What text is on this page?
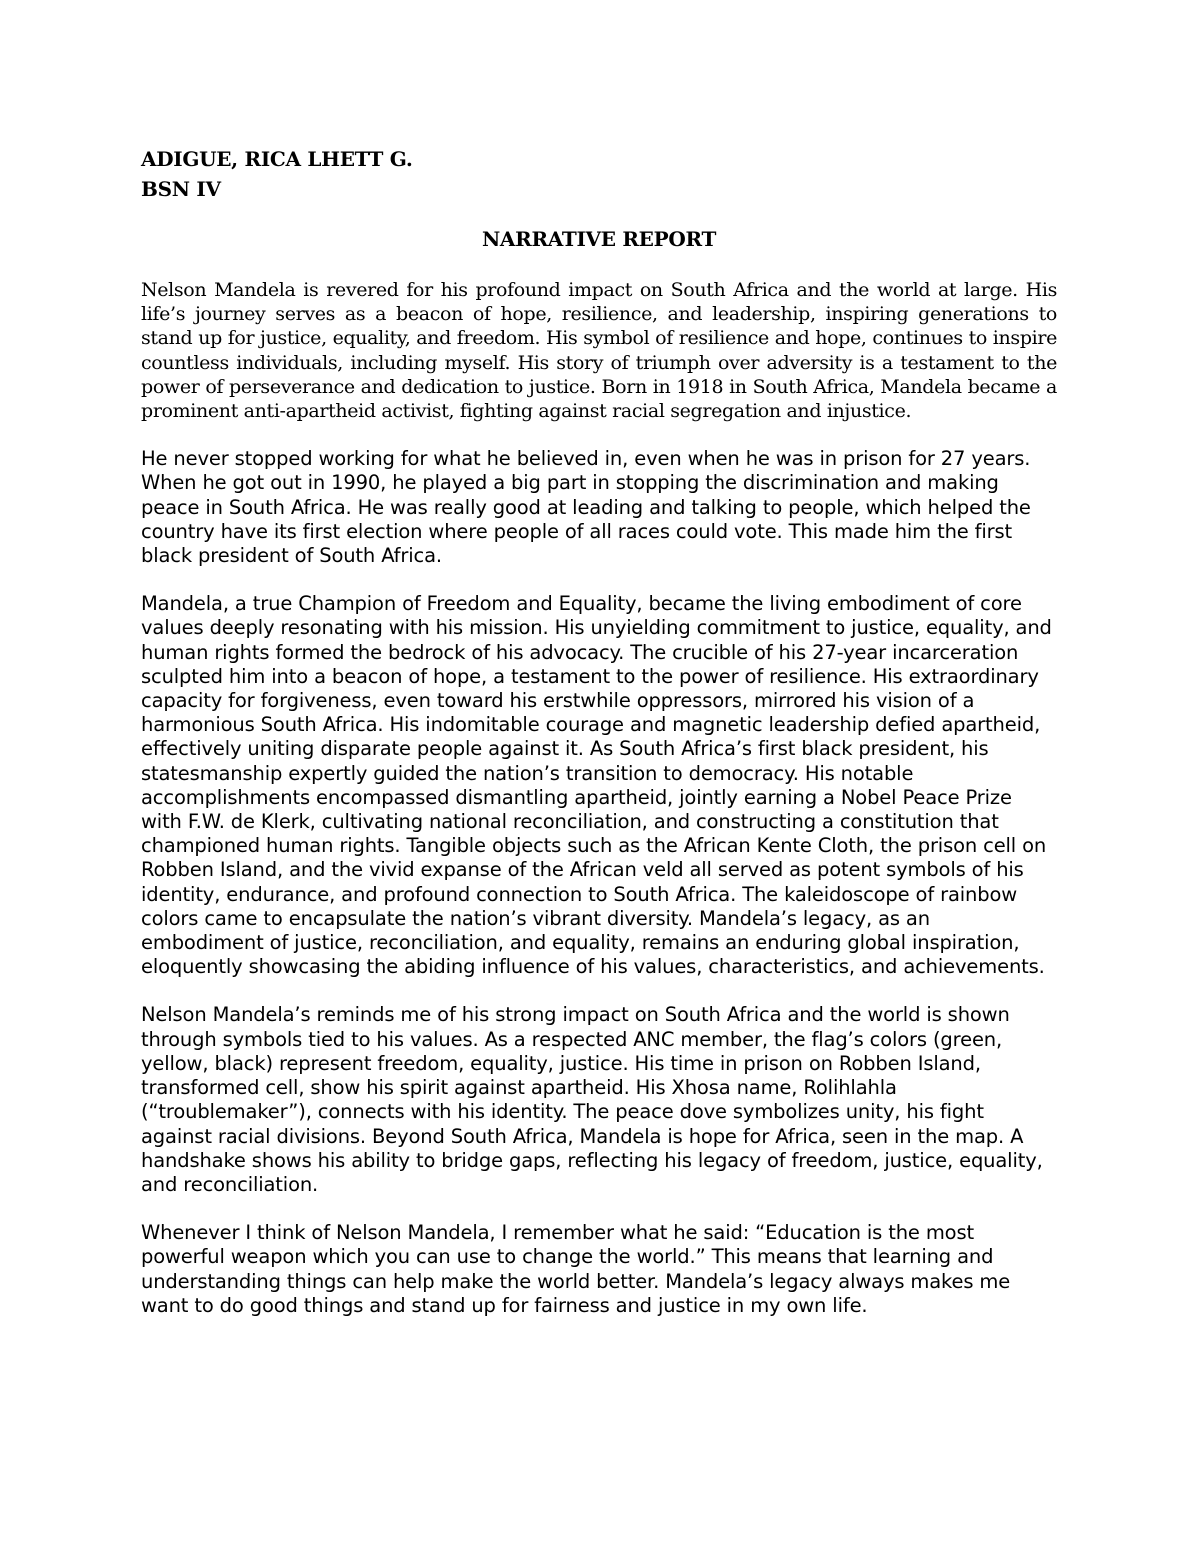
ADIGUE, RICA LHETT G.
BSN IV
NARRATIVE REPORT

Nelson Mandela is revered for his profound impact on South Africa and the world at large. His life’s journey serves as a beacon of hope, resilience, and leadership, inspiring generations to stand up for justice, equality, and freedom. His symbol of resilience and hope, continues to inspire countless individuals, including myself. His story of triumph over adversity is a testament to the power of perseverance and dedication to justice. Born in 1918 in South Africa, Mandela became a prominent anti-apartheid activist, fighting against racial segregation and injustice.

He never stopped working for what he believed in, even when he was in prison for 27 years. When he got out in 1990, he played a big part in stopping the discrimination and making peace in South Africa. He was really good at leading and talking to people, which helped the country have its first election where people of all races could vote. This made him the first black president of South Africa.

Mandela, a true Champion of Freedom and Equality, became the living embodiment of core values deeply resonating with his mission. His unyielding commitment to justice, equality, and human rights formed the bedrock of his advocacy. The crucible of his 27-year incarceration sculpted him into a beacon of hope, a testament to the power of resilience. His extraordinary capacity for forgiveness, even toward his erstwhile oppressors, mirrored his vision of a harmonious South Africa. His indomitable courage and magnetic leadership defied apartheid, effectively uniting disparate people against it. As South Africa’s first black president, his statesmanship expertly guided the nation’s transition to democracy. His notable accomplishments encompassed dismantling apartheid, jointly earning a Nobel Peace Prize with F.W. de Klerk, cultivating national reconciliation, and constructing a constitution that championed human rights. Tangible objects such as the African Kente Cloth, the prison cell on Robben Island, and the vivid expanse of the African veld all served as potent symbols of his identity, endurance, and profound connection to South Africa. The kaleidoscope of rainbow colors came to encapsulate the nation’s vibrant diversity. Mandela’s legacy, as an embodiment of justice, reconciliation, and equality, remains an enduring global inspiration, eloquently showcasing the abiding influence of his values, characteristics, and achievements.

Nelson Mandela’s reminds me of his strong impact on South Africa and the world is shown through symbols tied to his values. As a respected ANC member, the flag’s colors (green, yellow, black) represent freedom, equality, justice. His time in prison on Robben Island, transformed cell, show his spirit against apartheid. His Xhosa name, Rolihlahla (“troublemaker”), connects with his identity. The peace dove symbolizes unity, his fight against racial divisions. Beyond South Africa, Mandela is hope for Africa, seen in the map. A handshake shows his ability to bridge gaps, reflecting his legacy of freedom, justice, equality, and reconciliation.

Whenever I think of Nelson Mandela, I remember what he said: “Education is the most powerful weapon which you can use to change the world.” This means that learning and understanding things can help make the world better. Mandela’s legacy always makes me want to do good things and stand up for fairness and justice in my own life.
